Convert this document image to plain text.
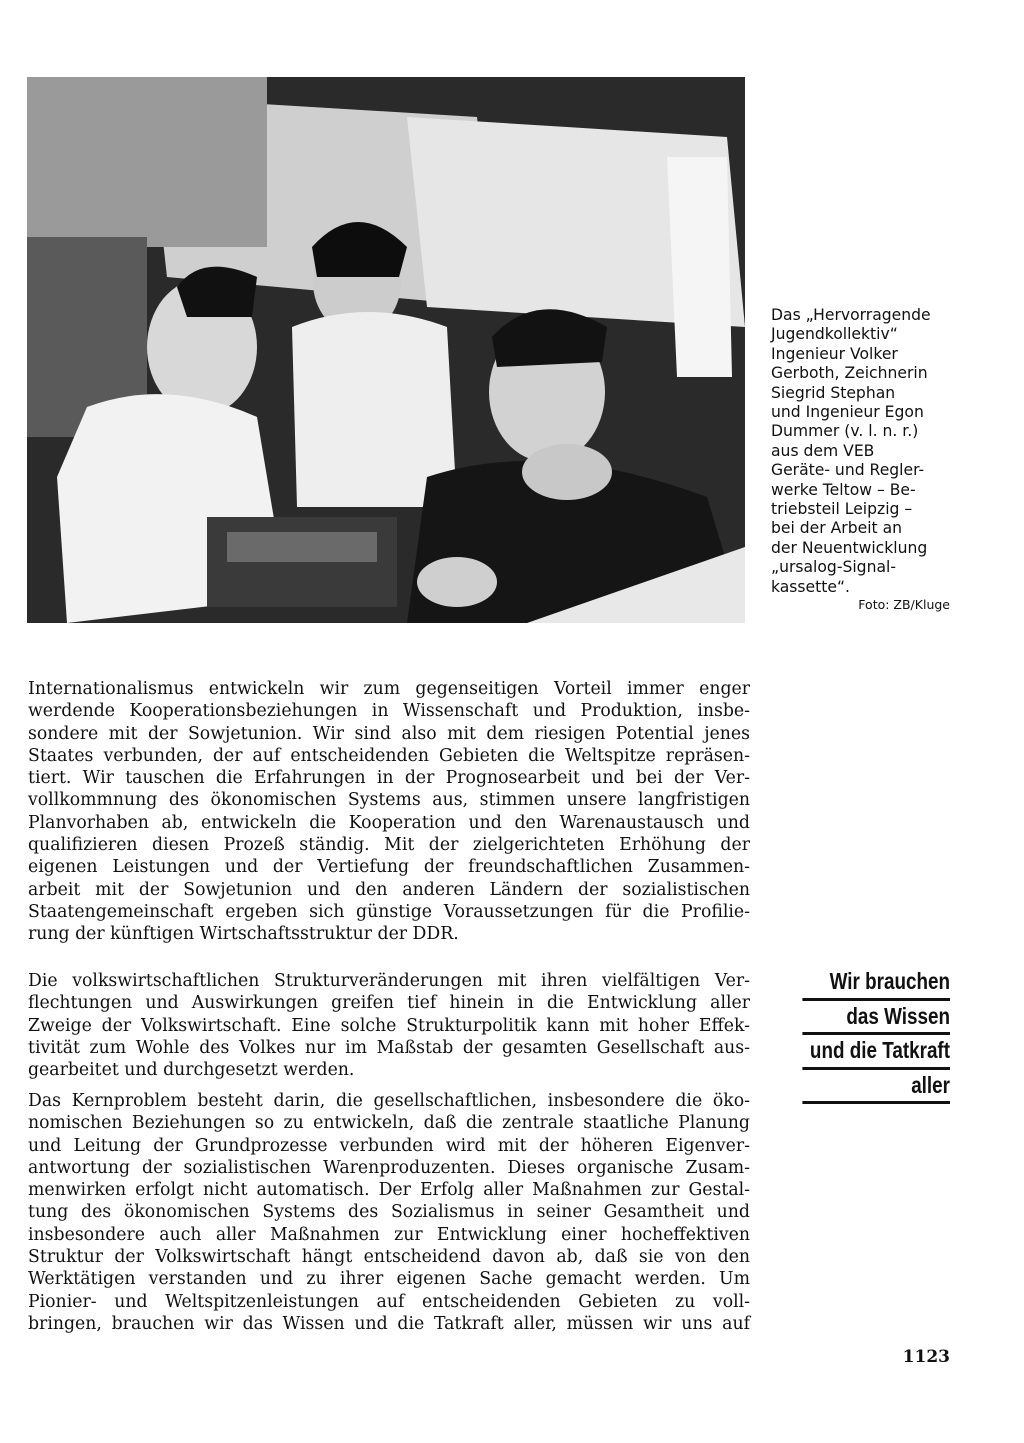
Das „Hervorragende
Jugendkollektiv“
Ingenieur Volker
Gerboth, Zeichnerin
Siegrid Stephan
und Ingenieur Egon
Dummer (v. l. n. r.)
aus dem VEB
Geräte- und Regler-
werke Teltow – Be-
triebsteil Leipzig –
bei der Arbeit an
der Neuentwicklung
„ursalog-Signal-
kassette“.
Foto: ZB/Kluge
Internationalismus entwickeln wir zum gegenseitigen Vorteil immer enger
werdende Kooperationsbeziehungen in Wissenschaft und Produktion, insbe-
sondere mit der Sowjetunion. Wir sind also mit dem riesigen Potential jenes
Staates verbunden, der auf entscheidenden Gebieten die Weltspitze repräsen-
tiert. Wir tauschen die Erfahrungen in der Prognosearbeit und bei der Ver-
vollkommnung des ökonomischen Systems aus, stimmen unsere langfristigen
Planvorhaben ab, entwickeln die Kooperation und den Warenaustausch und
qualifizieren diesen Prozeß ständig. Mit der zielgerichteten Erhöhung der
eigenen Leistungen und der Vertiefung der freundschaftlichen Zusammen-
arbeit mit der Sowjetunion und den anderen Ländern der sozialistischen
Staatengemeinschaft ergeben sich günstige Voraussetzungen für die Profilie-
rung der künftigen Wirtschaftsstruktur der DDR.
Die volkswirtschaftlichen Strukturveränderungen mit ihren vielfältigen Ver-
flechtungen und Auswirkungen greifen tief hinein in die Entwicklung aller
Zweige der Volkswirtschaft. Eine solche Strukturpolitik kann mit hoher Effek-
tivität zum Wohle des Volkes nur im Maßstab der gesamten Gesellschaft aus-
gearbeitet und durchgesetzt werden.
Das Kernproblem besteht darin, die gesellschaftlichen, insbesondere die öko-
nomischen Beziehungen so zu entwickeln, daß die zentrale staatliche Planung
und Leitung der Grundprozesse verbunden wird mit der höheren Eigenver-
antwortung der sozialistischen Warenproduzenten. Dieses organische Zusam-
menwirken erfolgt nicht automatisch. Der Erfolg aller Maßnahmen zur Gestal-
tung des ökonomischen Systems des Sozialismus in seiner Gesamtheit und
insbesondere auch aller Maßnahmen zur Entwicklung einer hocheffektiven
Struktur der Volkswirtschaft hängt entscheidend davon ab, daß sie von den
Werktätigen verstanden und zu ihrer eigenen Sache gemacht werden. Um
Pionier- und Weltspitzenleistungen auf entscheidenden Gebieten zu voll-
bringen, brauchen wir das Wissen und die Tatkraft aller, müssen wir uns auf
Wir brauchen
das Wissen
und die Tatkraft
aller
1123
